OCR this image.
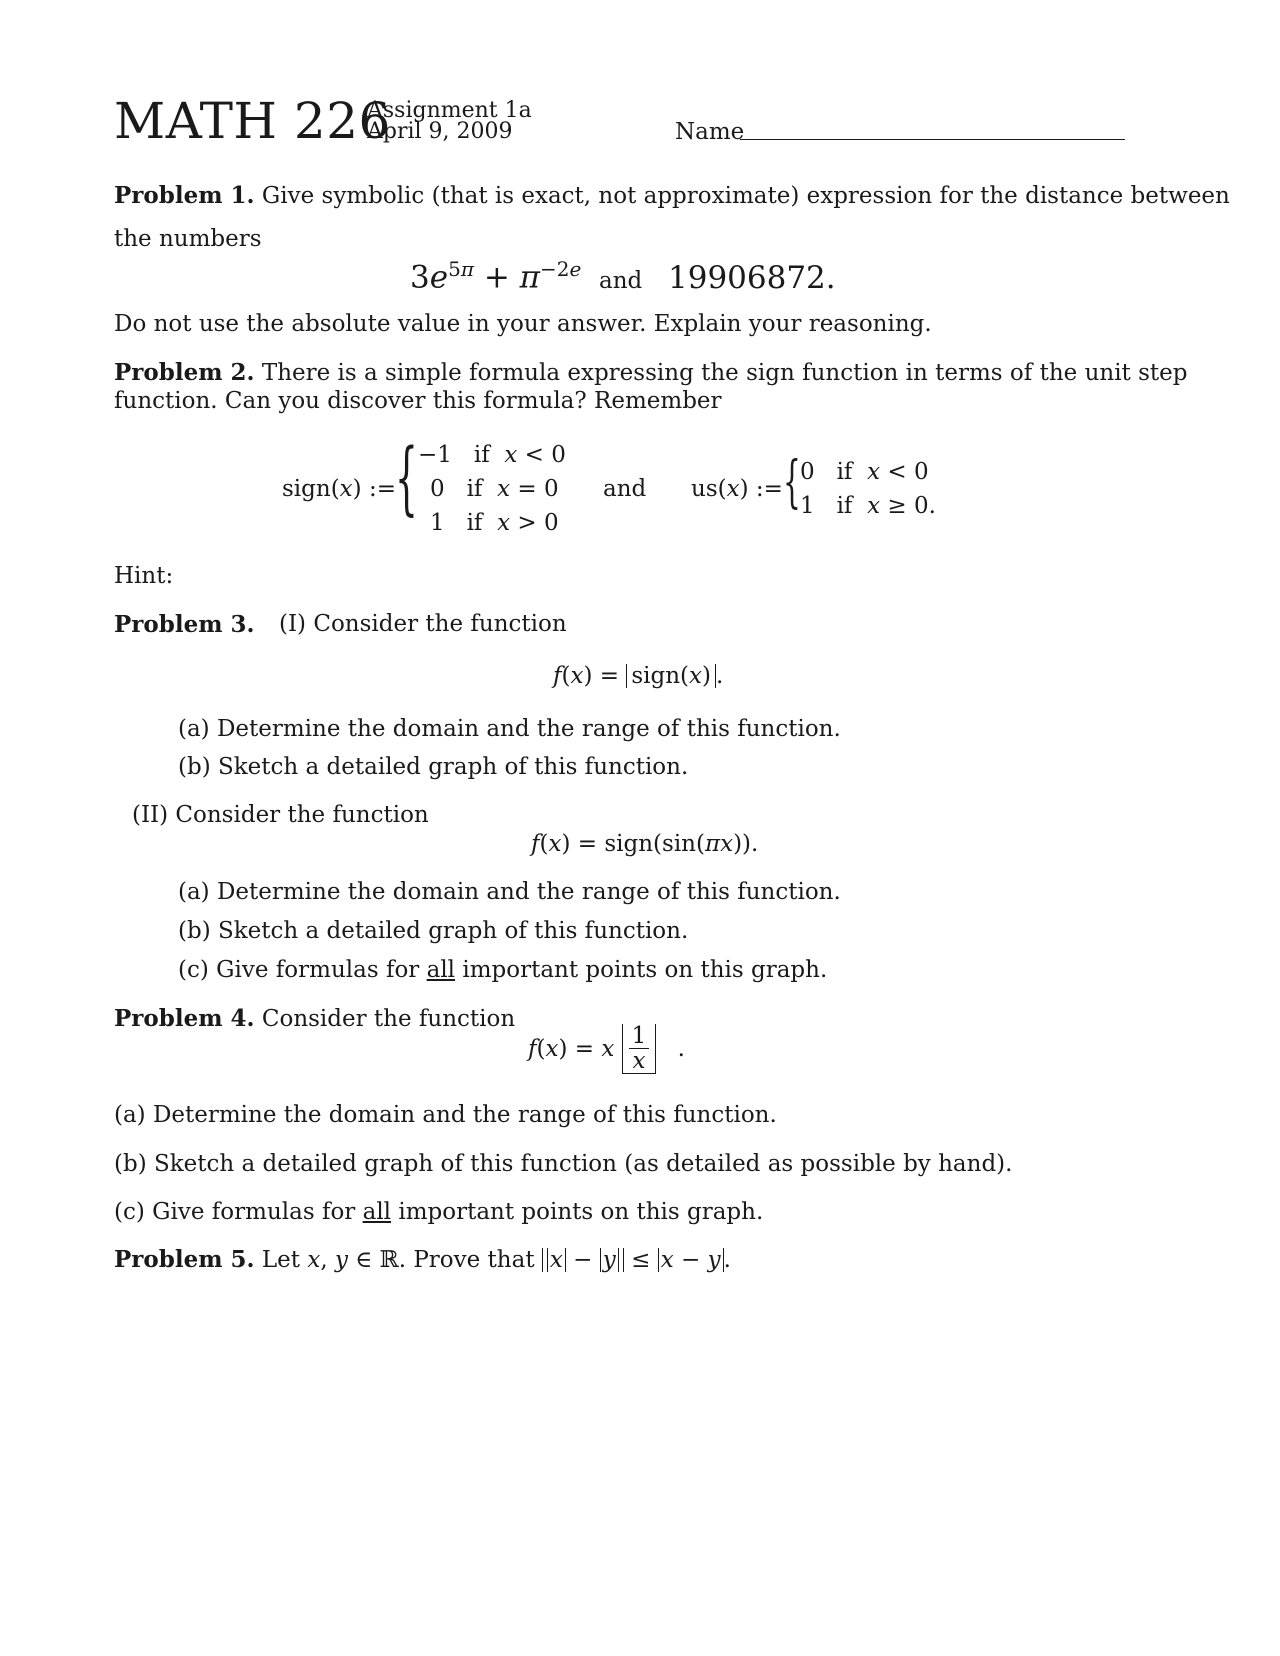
MATH 226
Assignment 1a
April 9, 2009	Name
Problem 1. Give symbolic (that is exact, not approximate) expression for the distance between
the numbers
$3e^{5\pi} + \pi^{-2e}$ and 19906872.
Do not use the absolute value in your answer. Explain your reasoning.
Problem 2. There is a simple formula expressing the sign function in terms of the unit step
function. Can you discover this formula? Remember
sign(x) := { −1   if  x < 0
0   if  x = 0
1   if  x > 0
and us(x) := { 0   if  x < 0
1   if  x ≥ 0.
Hint:
Problem 3. (I) Consider the function
f(x) = sign(x) .
(a) Determine the domain and the range of this function.
(b) Sketch a detailed graph of this function.
(II) Consider the function
f(x) = sign(sin(πx)).
(a) Determine the domain and the range of this function.
(b) Sketch a detailed graph of this function.
(c) Give formulas for all important points on this graph.
Problem 4. Consider the function
f(x) = x $\frac{1}{x}$ .
(a) Determine the domain and the range of this function.
(b) Sketch a detailed graph of this function (as detailed as possible by hand).
(c) Give formulas for all important points on this graph.
Problem 5. Let x, y ∈ ℝ. Prove that x − y ≤ x − y .
